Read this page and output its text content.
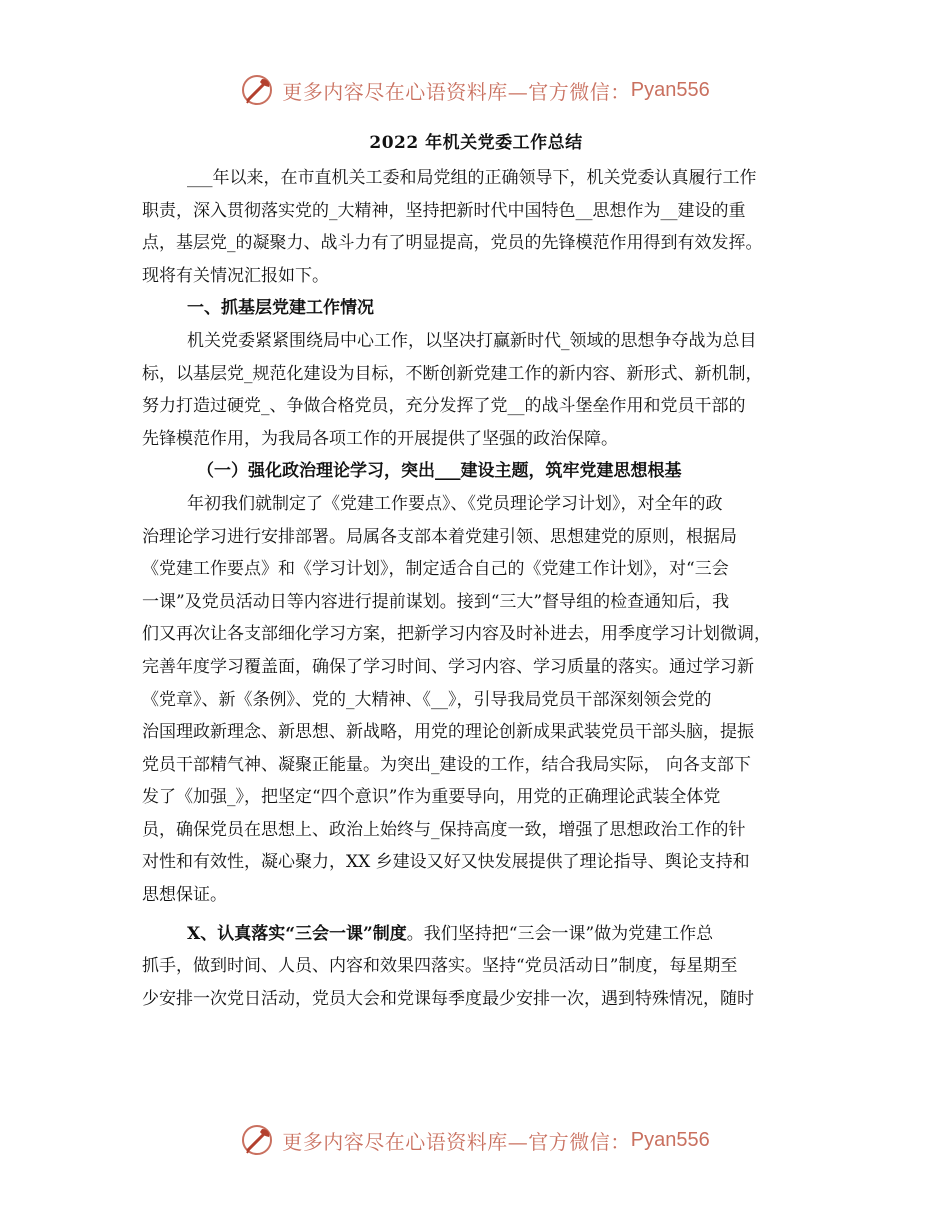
更多内容尽在心语资料库—官方微信： Pyan556
2022 年机关党委工作总结
___年以来，在市直机关工委和局党组的正确领导下，机关党委认真履行工作
职责，深入贯彻落实党的_大精神，坚持把新时代中国特色__思想作为__建设的重
点，基层党_的凝聚力、战斗力有了明显提高，党员的先锋模范作用得到有效发挥。
现将有关情况汇报如下。
一、抓基层党建工作情况
机关党委紧紧围绕局中心工作，以坚决打赢新时代_领域的思想争夺战为总目
标，以基层党_规范化建设为目标，不断创新党建工作的新内容、新形式、新机制，
努力打造过硬党_、争做合格党员，充分发挥了党__的战斗堡垒作用和党员干部的
先锋模范作用，为我局各项工作的开展提供了坚强的政治保障。
（一）强化政治理论学习，突出___建设主题，筑牢党建思想根基
年初我们就制定了《党建工作要点》、《党员理论学习计划》，对全年的政
治理论学习进行安排部署。局属各支部本着党建引领、思想建党的原则，根据局
《党建工作要点》和《学习计划》，制定适合自己的《党建工作计划》，对“三会
一课”及党员活动日等内容进行提前谋划。接到“三大”督导组的检查通知后，我
们又再次让各支部细化学习方案，把新学习内容及时补进去，用季度学习计划微调，
完善年度学习覆盖面，确保了学习时间、学习内容、学习质量的落实。通过学习新
《党章》、新《条例》、党的_大精神、《__》，引导我局党员干部深刻领会党的
治国理政新理念、新思想、新战略，用党的理论创新成果武装党员干部头脑，提振
党员干部精气神、凝聚正能量。为突出_建设的工作，结合我局实际， 向各支部下
发了《加强_》，把坚定“四个意识”作为重要导向，用党的正确理论武装全体党
员，确保党员在思想上、政治上始终与_保持高度一致，增强了思想政治工作的针
对性和有效性，凝心聚力，XX 乡建设又好又快发展提供了理论指导、舆论支持和
思想保证。
X、认真落实“三会一课”制度。我们坚持把“三会一课”做为党建工作总
抓手，做到时间、人员、内容和效果四落实。坚持“党员活动日”制度，每星期至
少安排一次党日活动，党员大会和党课每季度最少安排一次，遇到特殊情况，随时
更多内容尽在心语资料库—官方微信： Pyan556
